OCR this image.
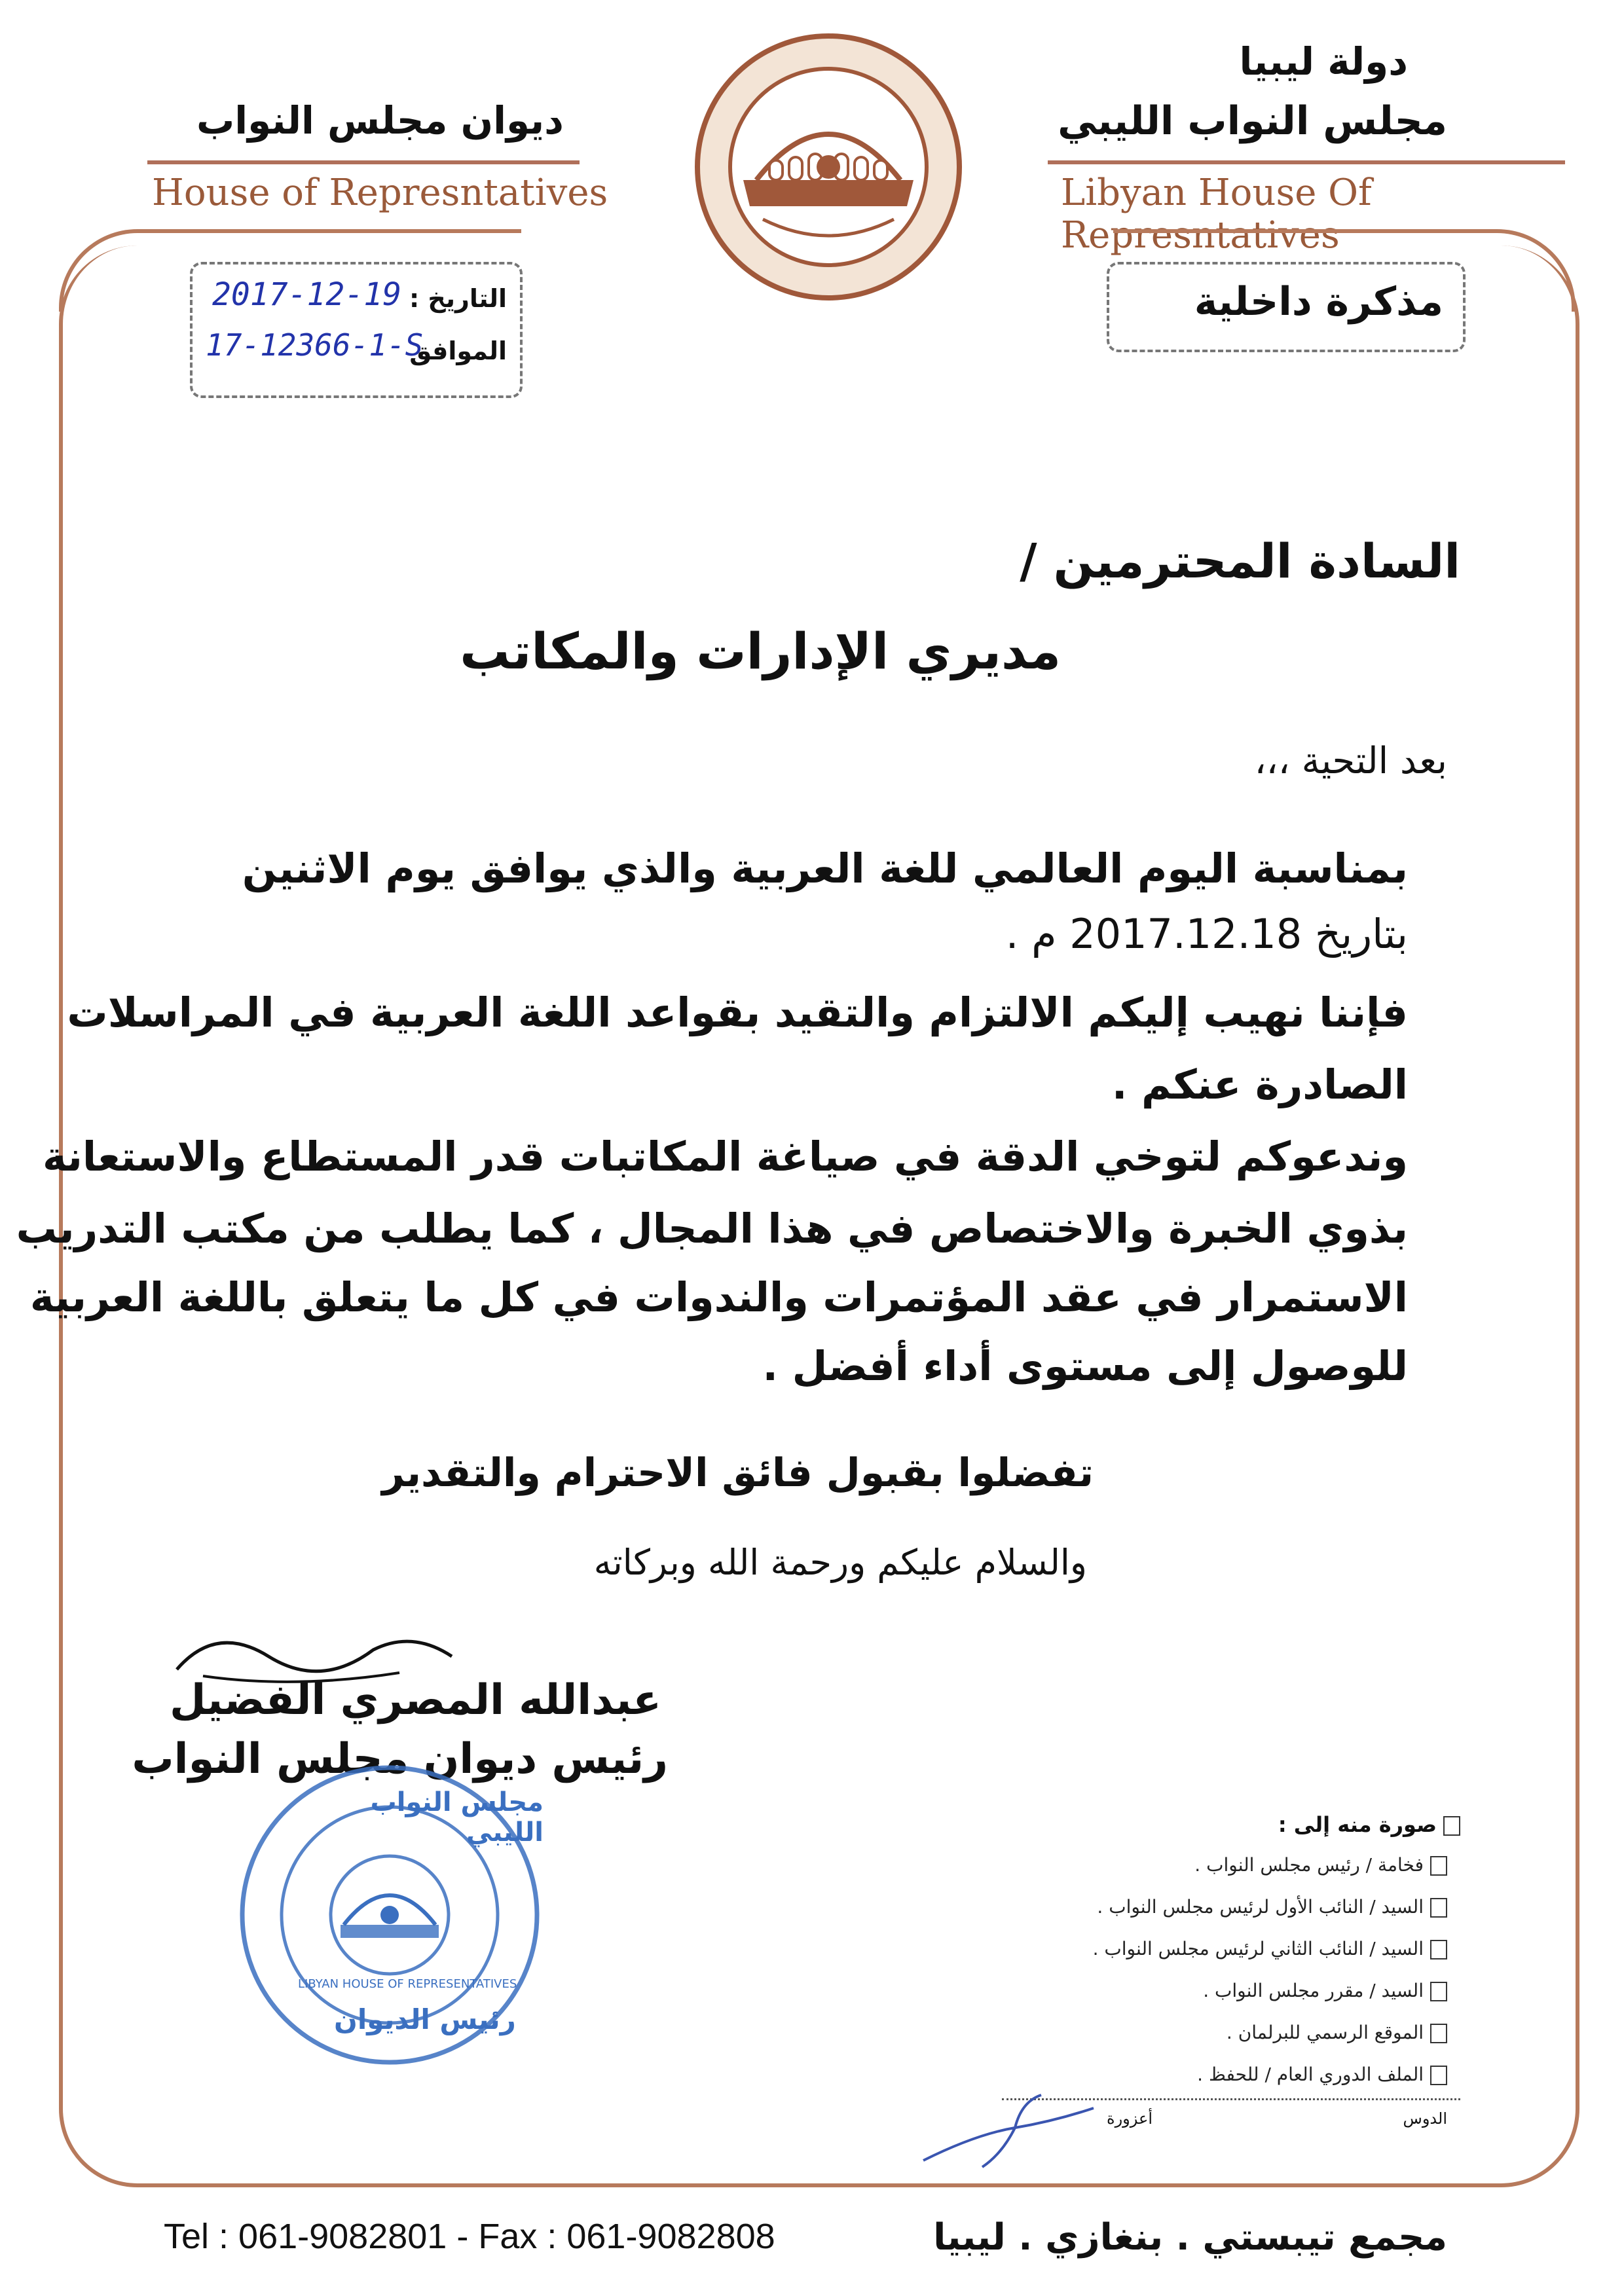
دولة ليبيا
مجلس النواب الليبي
Libyan House Of Represntatives
ديوان مجلس النواب
House of Represntatives
مذكرة داخلية
التاريخ :
2017-12-19
الموافق
17-12366-1-S
السادة المحترمين /
مديري الإدارات والمكاتب
بعد التحية ،،،
بمناسبة اليوم العالمي للغة العربية والذي يوافق يوم الاثنين
بتاريخ 2017.12.18 م .
فإننا نهيب إليكم الالتزام والتقيد بقواعد اللغة العربية في المراسلات
الصادرة عنكم .
وندعوكم لتوخي الدقة في صياغة المكاتبات قدر المستطاع والاستعانة
بذوي الخبرة والاختصاص في هذا المجال ، كما يطلب من مكتب التدريب
الاستمرار في عقد المؤتمرات والندوات في كل ما يتعلق باللغة العربية
للوصول إلى مستوى أداء أفضل .
تفضلوا بقبول فائق الاحترام والتقدير
والسلام عليكم ورحمة الله وبركاته
عبدالله المصري الفضيل
رئيس ديوان مجلس النواب
مجلس النواب الليبي
LIBYAN HOUSE OF REPRESENTATIVES
رئيس الديوان
صورة منه إلى :
فخامة / رئيس مجلس النواب .
السيد / النائب الأول لرئيس مجلس النواب .
السيد / النائب الثاني لرئيس مجلس النواب .
السيد / مقرر مجلس النواب .
الموقع الرسمي للبرلمان .
الملف الدوري العام / للحفظ .
أعزورة	الدوس
Tel : 061-9082801 - Fax : 061-9082808	مجمع تيبستي . بنغازي . ليبيا
